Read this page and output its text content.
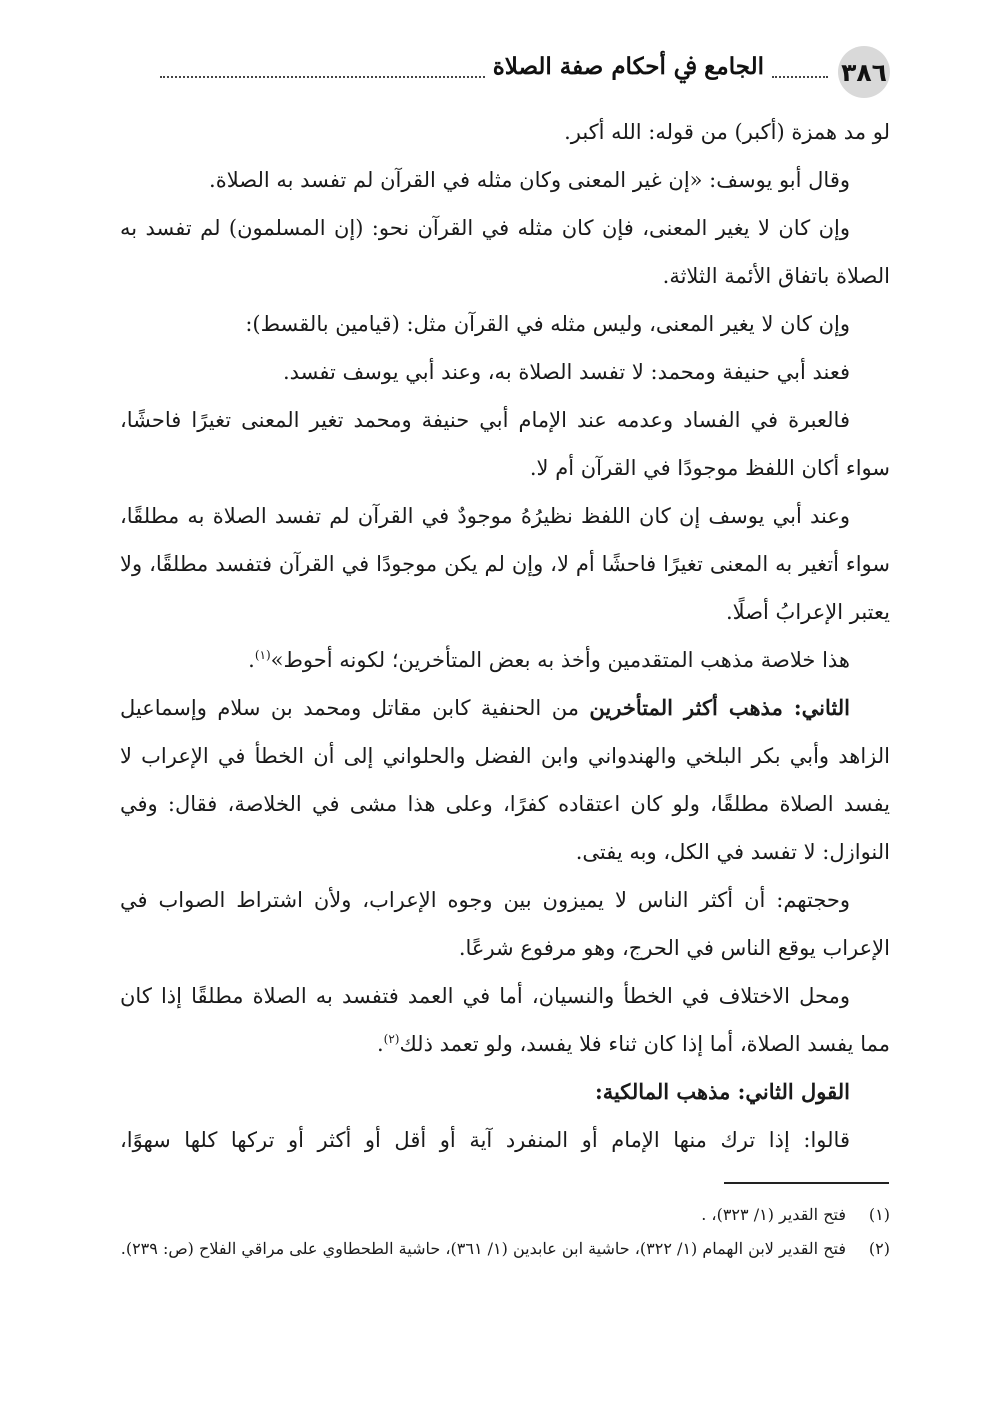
٣٨٦
الجامع ﰲ أحكام صفة الصلاة

لو مد همزة (أكبر) من قوله: الله أكبر.

وقال أبو يوسف: «إن غير المعنى وكان مثله في القرآن لم تفسد به الصلاة.

وإن كان لا يغير المعنى، فإن كان مثله في القرآن نحو: (إن المسلمون) لم تفسد به الصلاة باتفاق الأئمة الثلاثة.

وإن كان لا يغير المعنى، وليس مثله في القرآن مثل: (قيامين بالقسط):

فعند أبي حنيفة ومحمد: لا تفسد الصلاة به، وعند أبي يوسف تفسد.

فالعبرة في الفساد وعدمه عند الإمام أبي حنيفة ومحمد تغير المعنى تغيرًا فاحشًا، سواء أكان اللفظ موجودًا في القرآن أم لا.

وعند أبي يوسف إن كان اللفظ نظيرُهُ موجودٌ في القرآن لم تفسد الصلاة به مطلقًا، سواء أتغير به المعنى تغيرًا فاحشًا أم لا، وإن لم يكن موجودًا في القرآن فتفسد مطلقًا، ولا يعتبر الإعرابُ أصلًا.

هذا خلاصة مذهب المتقدمين وأخذ به بعض المتأخرين؛ لكونه أحوط»$^{(١)}$.

الثاني: مذهب أكثر المتأخرين من الحنفية كابن مقاتل ومحمد بن سلام وإسماعيل الزاهد وأبي بكر البلخي والهندواني وابن الفضل والحلواني إلى أن الخطأ في الإعراب لا يفسد الصلاة مطلقًا، ولو كان اعتقاده كفرًا، وعلى هذا مشى في الخلاصة، فقال: وفي النوازل: لا تفسد في الكل، وبه يفتى.

وحجتهم: أن أكثر الناس لا يميزون بين وجوه الإعراب، ولأن اشتراط الصواب في الإعراب يوقع الناس في الحرج، وهو مرفوع شرعًا.

ومحل الاختلاف في الخطأ والنسيان، أما في العمد فتفسد به الصلاة مطلقًا إذا كان مما يفسد الصلاة، أما إذا كان ثناء فلا يفسد، ولو تعمد ذلك$^{(٢)}$.

القول الثاني: مذهب المالكية:

قالوا: إذا ترك منها الإمام أو المنفرد آية أو أقل أو أكثر أو تركها كلها سهوًا،

(١)
فتح القدير (١/ ٣٢٣)، .

(٢)
فتح القدير لابن الهمام (١/ ٣٢٢)، حاشية ابن عابدين (١/ ٣٦١)، حاشية الطحطاوي على مراقي الفلاح (ص: ٢٣٩).
